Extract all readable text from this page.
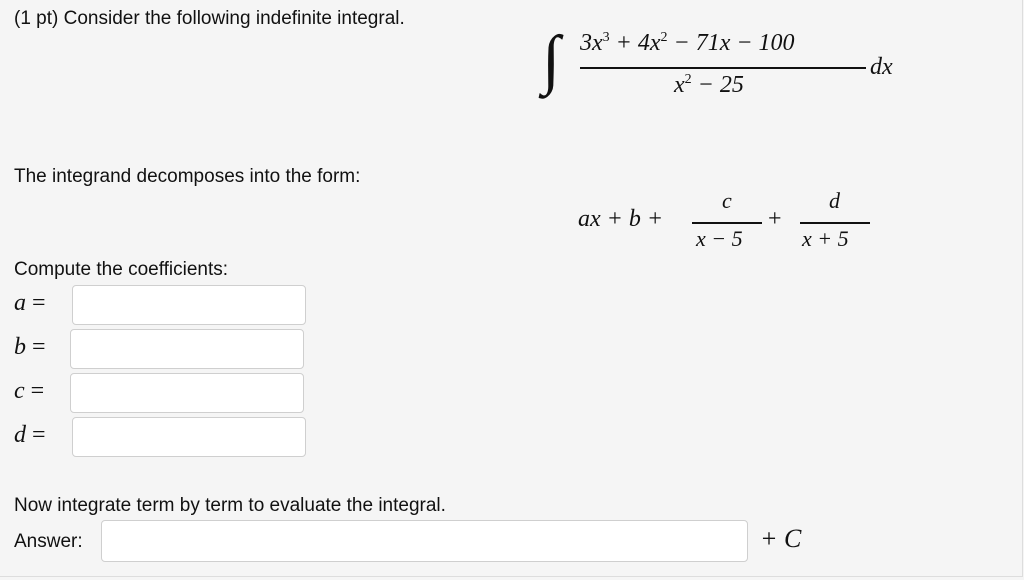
(1 pt) Consider the following indefinite integral.
∫ $3x^3 + 4x^2 - 71x - 100$
$x^2 - 25$
dx
The integrand decomposes into the form:
ax + b +
c
x − 5
+
d
x + 5
Compute the coefficients:
a =
b =
c =
d =
Now integrate term by term to evaluate the integral.
Answer:	+ C
